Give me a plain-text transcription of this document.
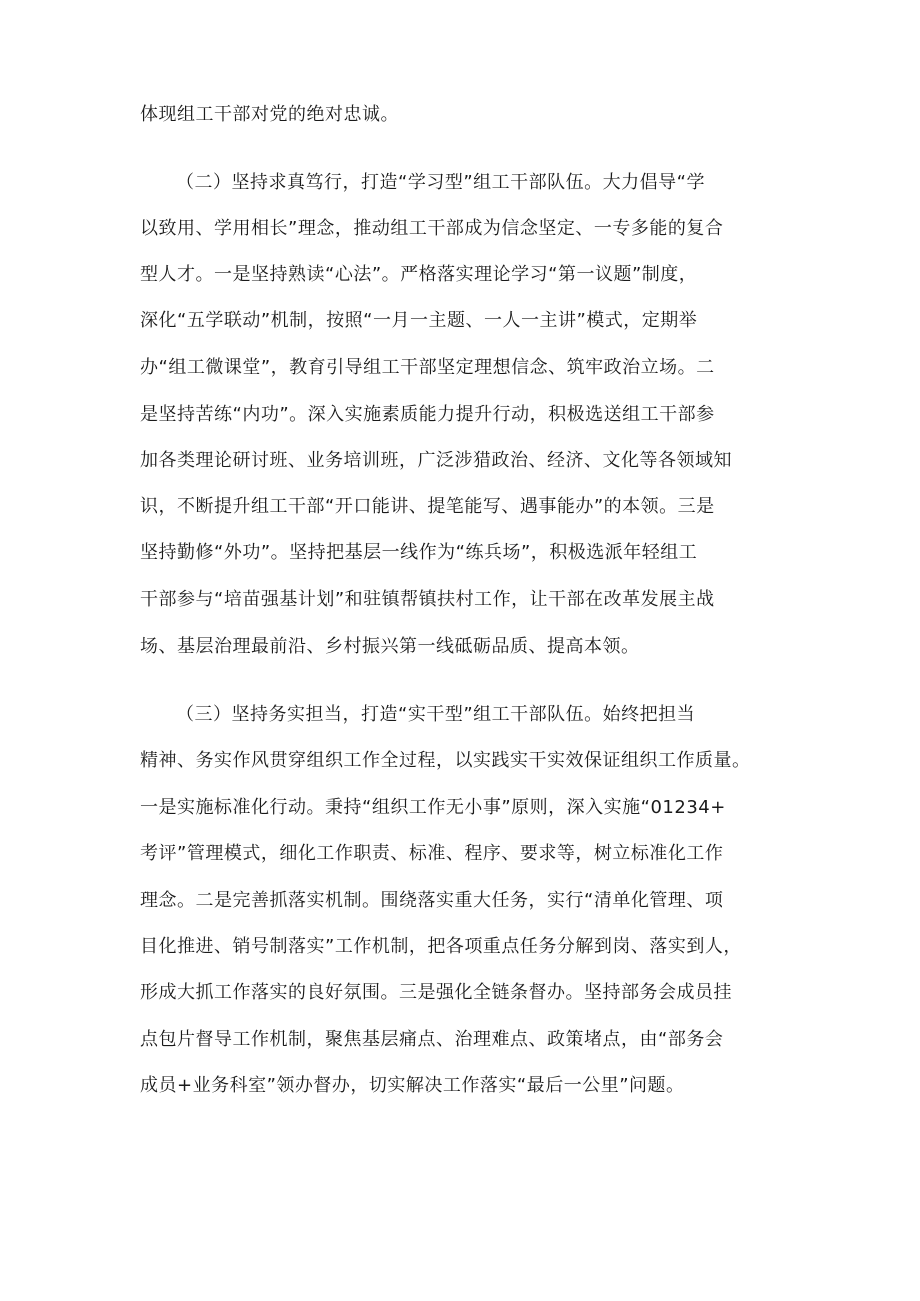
体现组工干部对党的绝对忠诚。
（二）坚持求真笃行，打造“学习型”组工干部队伍。大力倡导“学
以致用、学用相长”理念，推动组工干部成为信念坚定、一专多能的复合
型人才。一是坚持熟读“心法”。严格落实理论学习“第一议题”制度，
深化“五学联动”机制，按照“一月一主题、一人一主讲”模式，定期举
办“组工微课堂”，教育引导组工干部坚定理想信念、筑牢政治立场。二
是坚持苦练“内功”。深入实施素质能力提升行动，积极选送组工干部参
加各类理论研讨班、业务培训班，广泛涉猎政治、经济、文化等各领域知
识，不断提升组工干部“开口能讲、提笔能写、遇事能办”的本领。三是
坚持勤修“外功”。坚持把基层一线作为“练兵场”，积极选派年轻组工
干部参与“培苗强基计划”和驻镇帮镇扶村工作，让干部在改革发展主战
场、基层治理最前沿、乡村振兴第一线砥砺品质、提高本领。
（三）坚持务实担当，打造“实干型”组工干部队伍。始终把担当
精神、务实作风贯穿组织工作全过程，以实践实干实效保证组织工作质量。
一是实施标准化行动。秉持“组织工作无小事”原则，深入实施“01234+
考评”管理模式，细化工作职责、标准、程序、要求等，树立标准化工作
理念。二是完善抓落实机制。围绕落实重大任务，实行“清单化管理、项
目化推进、销号制落实”工作机制，把各项重点任务分解到岗、落实到人，
形成大抓工作落实的良好氛围。三是强化全链条督办。坚持部务会成员挂
点包片督导工作机制，聚焦基层痛点、治理难点、政策堵点，由“部务会
成员+业务科室”领办督办，切实解决工作落实“最后一公里”问题。
